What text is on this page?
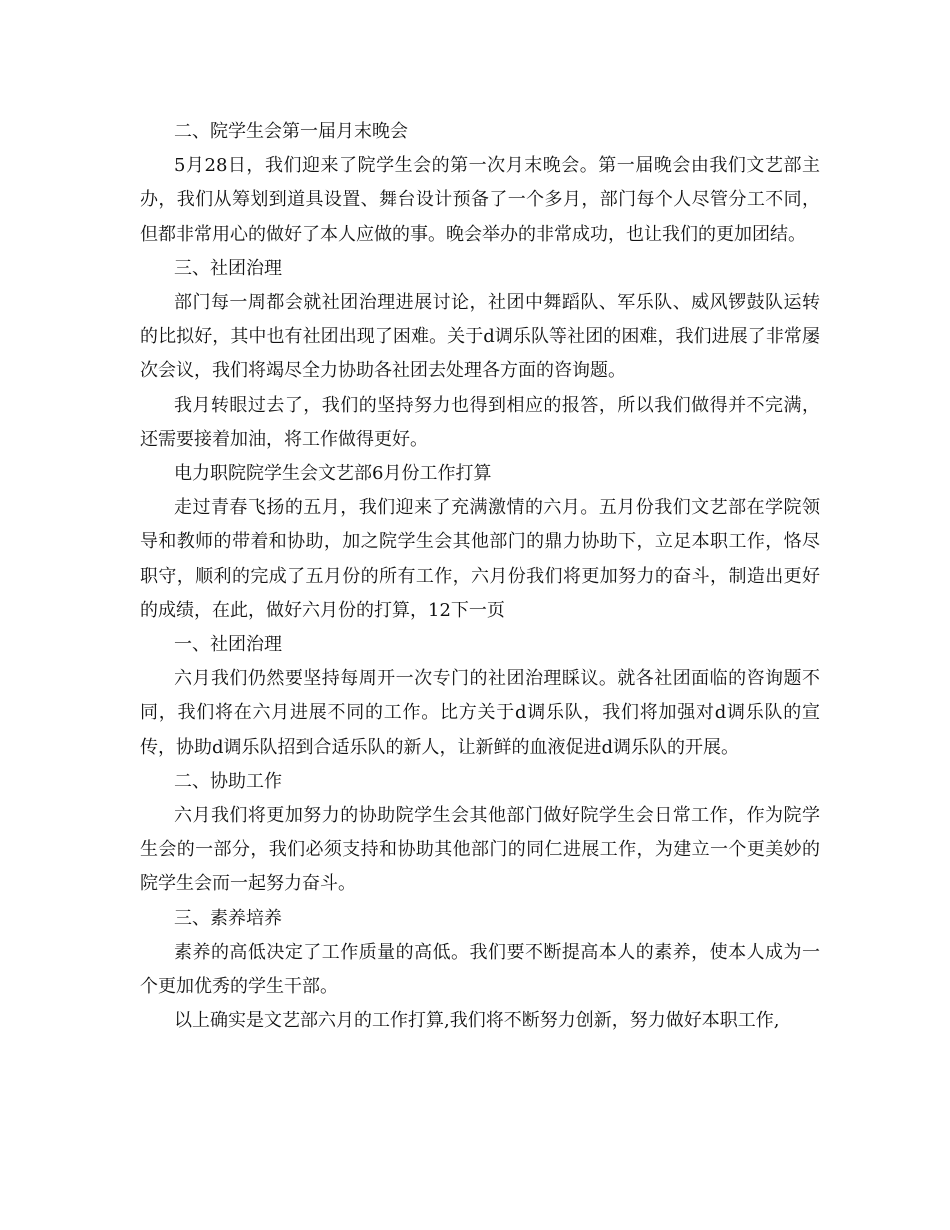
二、院学生会第一届月末晚会

5月28日，我们迎来了院学生会的第一次月末晚会。第一届晚会由我们文艺部主办，我们从筹划到道具设置、舞台设计预备了一个多月，部门每个人尽管分工不同，但都非常用心的做好了本人应做的事。晚会举办的非常成功，也让我们的更加团结。

三、社团治理

部门每一周都会就社团治理进展讨论，社团中舞蹈队、军乐队、威风锣鼓队运转的比拟好，其中也有社团出现了困难。关于d调乐队等社团的困难，我们进展了非常屡次会议，我们将竭尽全力协助各社团去处理各方面的咨询题。

我月转眼过去了，我们的坚持努力也得到相应的报答，所以我们做得并不完满，还需要接着加油，将工作做得更好。

电力职院院学生会文艺部6月份工作打算

走过青春飞扬的五月，我们迎来了充满激情的六月。五月份我们文艺部在学院领导和教师的带着和协助，加之院学生会其他部门的鼎力协助下，立足本职工作，恪尽职守，顺利的完成了五月份的所有工作，六月份我们将更加努力的奋斗，制造出更好的成绩，在此，做好六月份的打算，12下一页

一、社团治理

六月我们仍然要坚持每周开一次专门的社团治理睬议。就各社团面临的咨询题不同，我们将在六月进展不同的工作。比方关于d调乐队，我们将加强对d调乐队的宣传，协助d调乐队招到合适乐队的新人，让新鲜的血液促进d调乐队的开展。

二、协助工作

六月我们将更加努力的协助院学生会其他部门做好院学生会日常工作，作为院学生会的一部分，我们必须支持和协助其他部门的同仁进展工作，为建立一个更美妙的院学生会而一起努力奋斗。

三、素养培养

素养的高低决定了工作质量的高低。我们要不断提高本人的素养，使本人成为一个更加优秀的学生干部。

以上确实是文艺部六月的工作打算,我们将不断努力创新，努力做好本职工作,
